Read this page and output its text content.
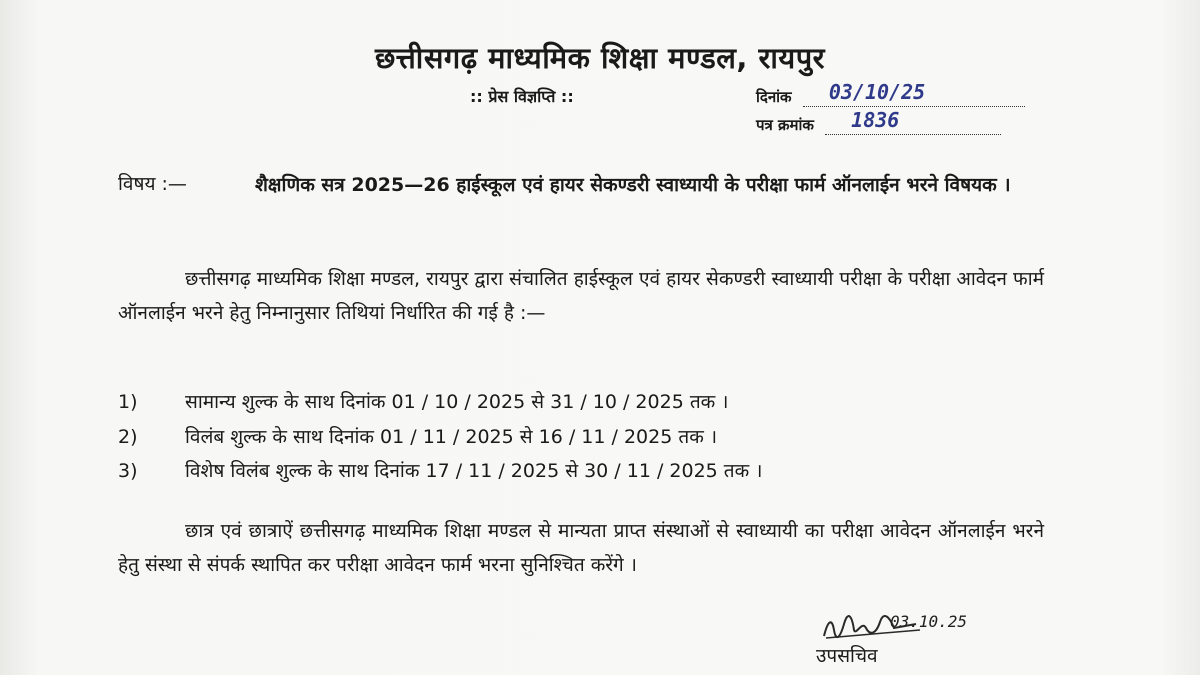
छत्तीसगढ़ माध्यमिक शिक्षा मण्डल, रायपुर
:: प्रेस विज्ञप्ति ::	दिनांक 03/10/25

पत्र क्रमांक 1836

विषय :—	शैक्षणिक सत्र 2025—26 हाईस्कूल एवं हायर सेकण्डरी स्वाध्यायी के परीक्षा फार्म ऑनलाईन भरने विषयक ।
छत्तीसगढ़ माध्यमिक शिक्षा मण्डल, रायपुर द्वारा संचालित हाईस्कूल एवं हायर सेकण्डरी स्वाध्यायी परीक्षा के परीक्षा आवेदन फार्म ऑनलाईन भरने हेतु निम्नानुसार तिथियां निर्धारित की गई है :—
1) सामान्य शुल्क के साथ दिनांक 01 / 10 / 2025 से 31 / 10 / 2025 तक ।
2) विलंब शुल्क के साथ दिनांक 01 / 11 / 2025 से 16 / 11 / 2025 तक ।
3) विशेष विलंब शुल्क के साथ दिनांक 17 / 11 / 2025 से 30 / 11 / 2025 तक ।
छात्र एवं छात्राऐं छत्तीसगढ़ माध्यमिक शिक्षा मण्डल से मान्यता प्राप्त संस्थाओं से स्वाध्यायी का परीक्षा आवेदन ऑनलाईन भरने हेतु संस्था से संपर्क स्थापित कर परीक्षा आवेदन फार्म भरना सुनिश्चित करेंगे ।
03.10.25
उपसचिव
